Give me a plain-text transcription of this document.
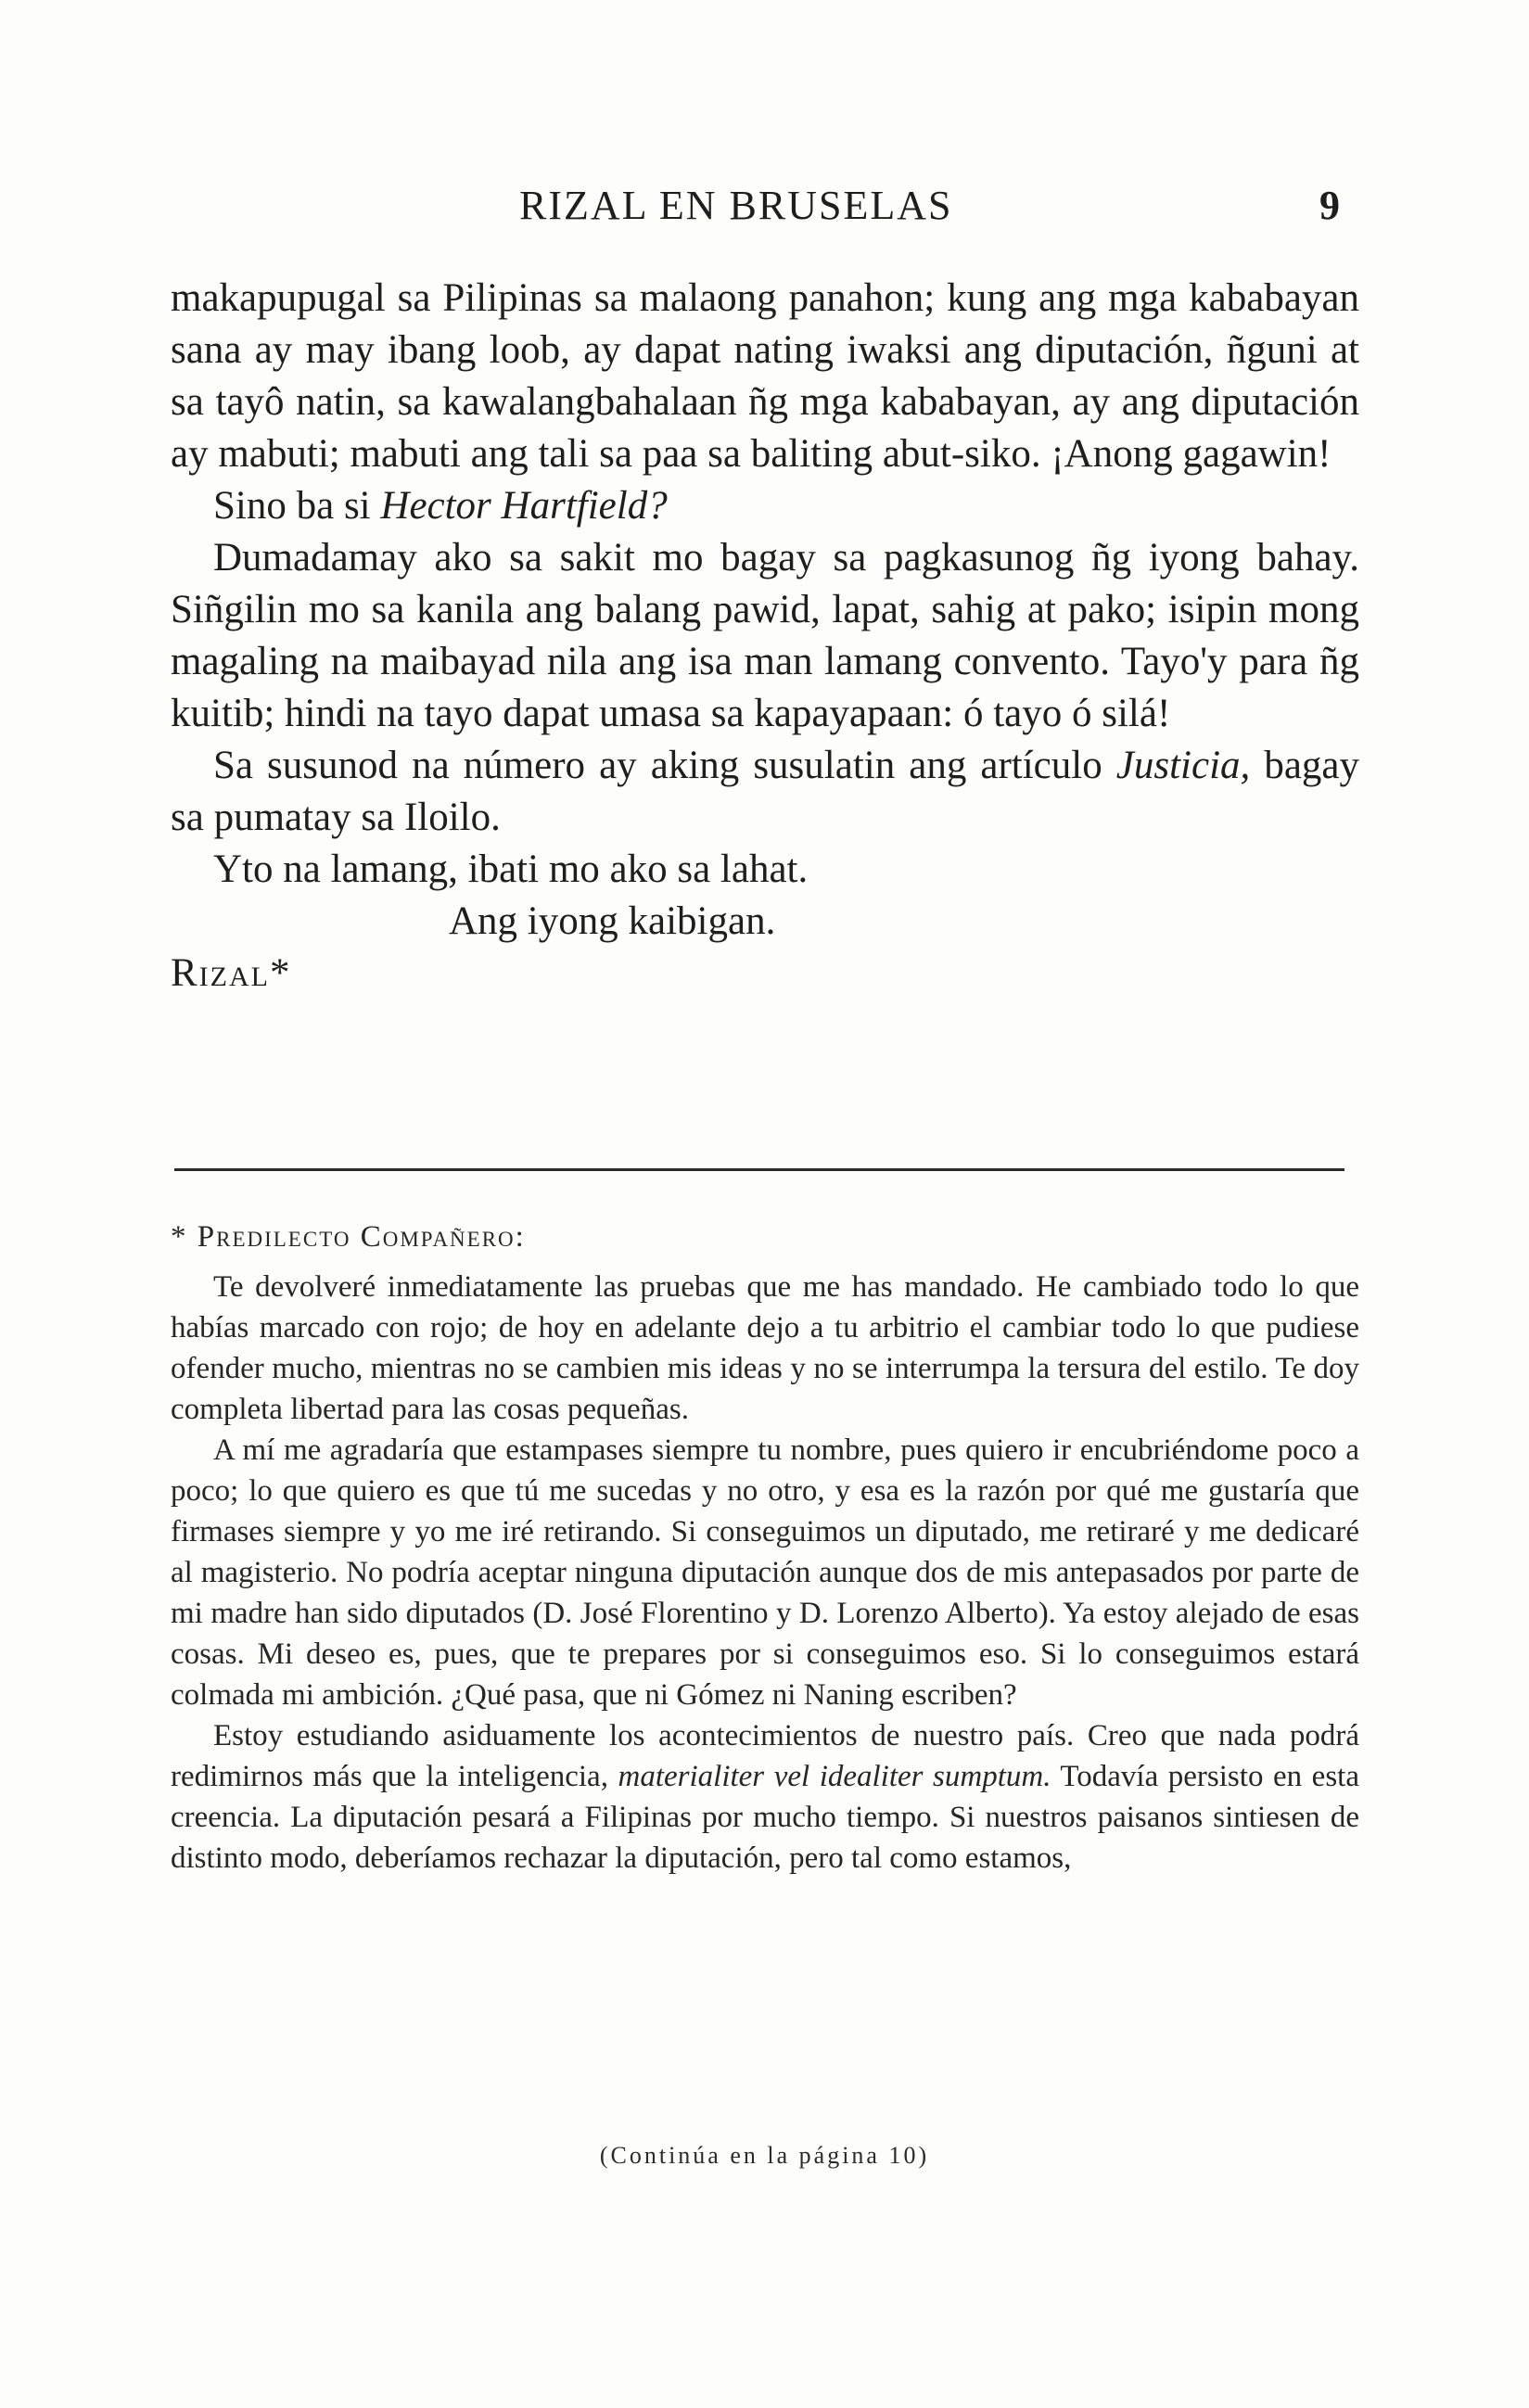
RIZAL EN BRUSELAS	9

makapupugal sa Pilipinas sa malaong panahon; kung ang mga kababayan sana ay may ibang loob, ay dapat nating iwaksi ang diputación, ñguni at sa tayô natin, sa kawalangbahalaan ñg mga kababayan, ay ang diputación ay mabuti; mabuti ang tali sa paa sa baliting abut-siko. ¡Anong gagawin!

Sino ba si Hector Hartfield?

Dumadamay ako sa sakit mo bagay sa pagkasunog ñg iyong bahay. Siñgilin mo sa kanila ang balang pawid, lapat, sahig at pako; isipin mong magaling na maibayad nila ang isa man lamang convento. Tayo'y para ñg kuitib; hindi na tayo dapat umasa sa kapayapaan: ó tayo ó silá!

Sa susunod na número ay aking susulatin ang artículo Justicia, bagay sa pumatay sa Iloilo.

Yto na lamang, ibati mo ako sa lahat.

Ang iyong kaibigan.

Rizal*

* Predilecto Compañero:

Te devolveré inmediatamente las pruebas que me has mandado. He cambiado todo lo que habías marcado con rojo; de hoy en adelante dejo a tu arbitrio el cambiar todo lo que pudiese ofender mucho, mientras no se cambien mis ideas y no se interrumpa la tersura del estilo. Te doy completa libertad para las cosas pequeñas.

A mí me agradaría que estampases siempre tu nombre, pues quiero ir encubriéndome poco a poco; lo que quiero es que tú me sucedas y no otro, y esa es la razón por qué me gustaría que firmases siempre y yo me iré retirando. Si conseguimos un diputado, me retiraré y me dedicaré al magisterio. No podría aceptar ninguna diputación aunque dos de mis antepasados por parte de mi madre han sido diputados (D. José Florentino y D. Lorenzo Alberto). Ya estoy alejado de esas cosas. Mi deseo es, pues, que te prepares por si conseguimos eso. Si lo conseguimos estará colmada mi ambición. ¿Qué pasa, que ni Gómez ni Naning escriben?

Estoy estudiando asiduamente los acontecimientos de nuestro país. Creo que nada podrá redimirnos más que la inteligencia, materialiter vel idealiter sumptum. Todavía persisto en esta creencia. La diputación pesará a Filipinas por mucho tiempo. Si nuestros paisanos sintiesen de distinto modo, deberíamos rechazar la diputación, pero tal como estamos,

(Continúa en la página 10)
